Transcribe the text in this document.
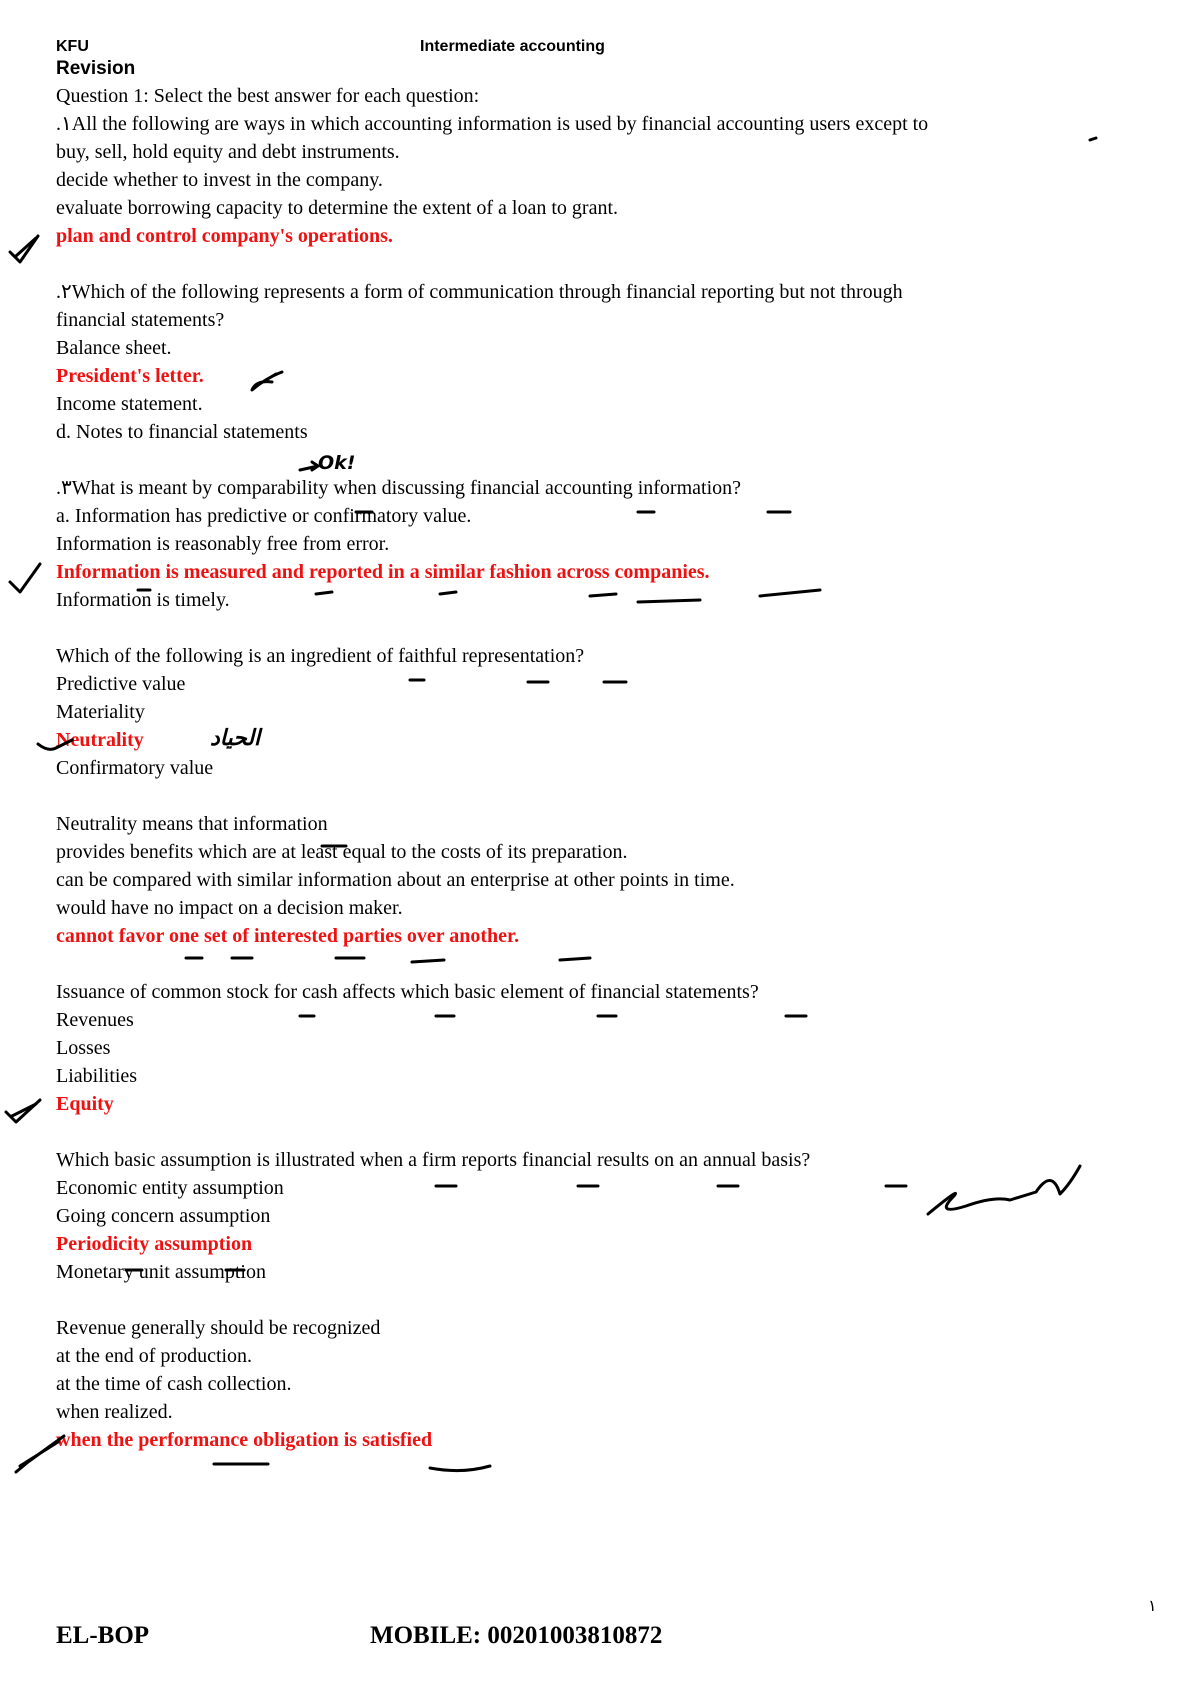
KFU	Intermediate accounting
Revision
Question 1: Select the best answer for each question:
.١All the following are ways in which accounting information is used by financial accounting users except to
buy, sell, hold equity and debt instruments.
decide whether to invest in the company.
evaluate borrowing capacity to determine the extent of a loan to grant.
plan and control company's operations.
.٢Which of the following represents a form of communication through financial reporting but not through
financial statements?
Balance sheet.
President's letter.
Income statement.
d. Notes to financial statements
.٣What is meant by comparability when discussing financial accounting information?
a. Information has predictive or confirmatory value.
Information is reasonably free from error.
Information is measured and reported in a similar fashion across companies.
Information is timely.
Which of the following is an ingredient of faithful representation?
Predictive value
Materiality
Neutrality
Confirmatory value
Neutrality means that information
provides benefits which are at least equal to the costs of its preparation.
can be compared with similar information about an enterprise at other points in time.
would have no impact on a decision maker.
cannot favor one set of interested parties over another.
Issuance of common stock for cash affects which basic element of financial statements?
Revenues
Losses
Liabilities
Equity
Which basic assumption is illustrated when a firm reports financial results on an annual basis?
Economic entity assumption
Going concern assumption
Periodicity assumption
Monetary unit assumption
Revenue generally should be recognized
at the end of production.
at the time of cash collection.
when realized.
when the performance obligation is satisfied
Ok!
الحياد
١
EL-BOP	MOBILE: 00201003810872
